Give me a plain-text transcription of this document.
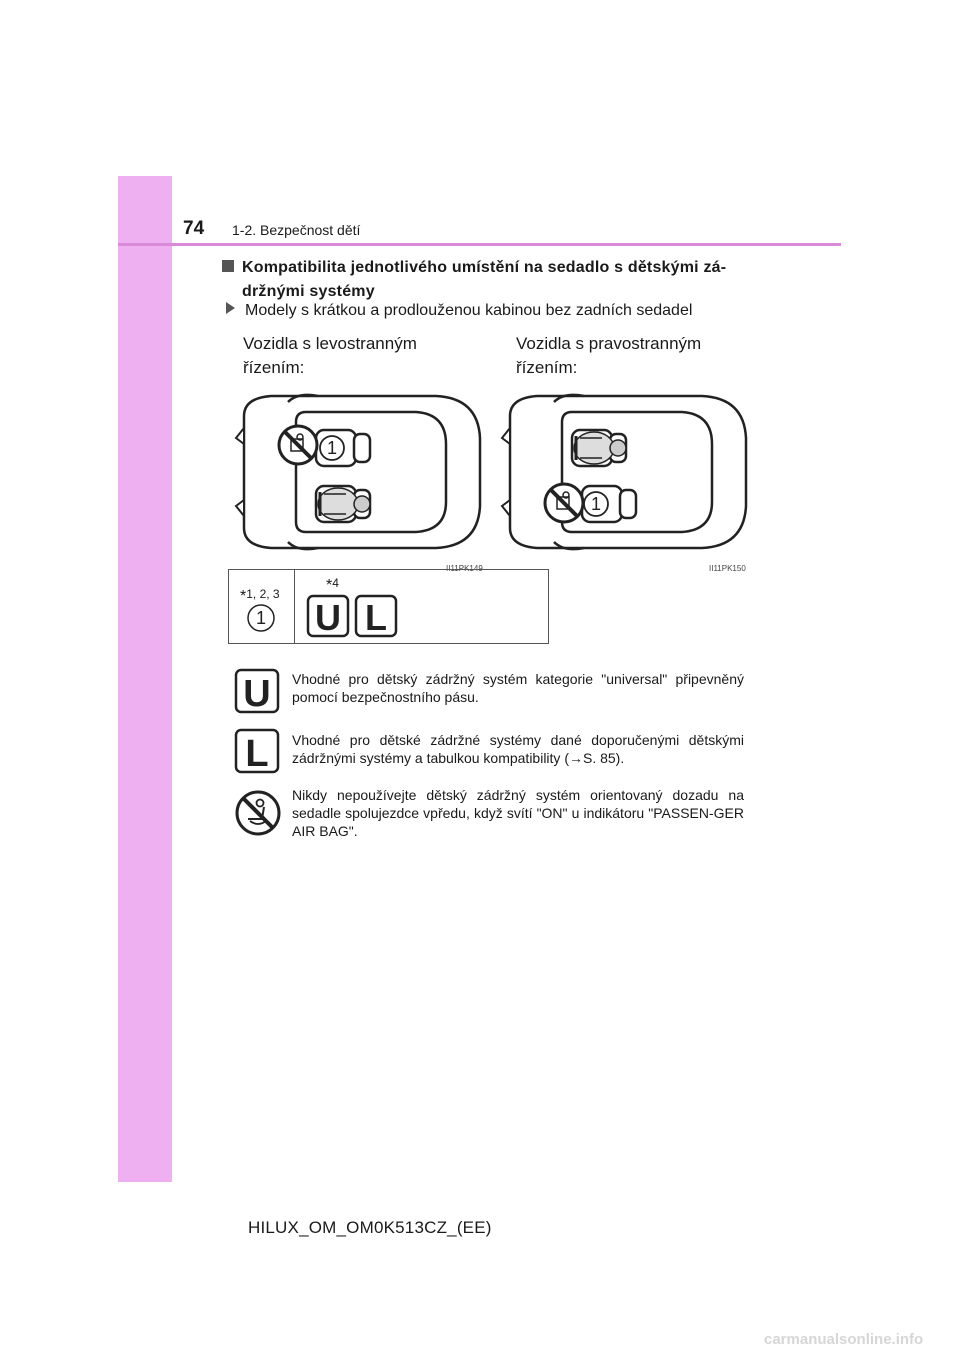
74 1-2. Bezpečnost dětí
Kompatibilita jednotlivého umístění na sedadlo s dětskými zá-
držnými systémy
Modely s krátkou a prodlouženou kabinou bez zadních sedadel
Vozidla s levostranným
řízením:
Vozidla s pravostranným
řízením:
1
1
II11PK149	II11PK150
*1, 2, 3
1
*4
U L
U Vhodné pro dětský zádržný systém kategorie "universal" připevněný pomocí bezpečnostního pásu.
L Vhodné pro dětské zádržné systémy dané doporučenými dětskými zádržnými systémy a tabulkou kompatibility (→S. 85).
Nikdy nepoužívejte dětský zádržný systém orientovaný dozadu na sedadle spolujezdce vpředu, když svítí "ON" u indikátoru "PASSEN-GER AIR BAG".
HILUX_OM_OM0K513CZ_(EE)
carmanualsonline.info
